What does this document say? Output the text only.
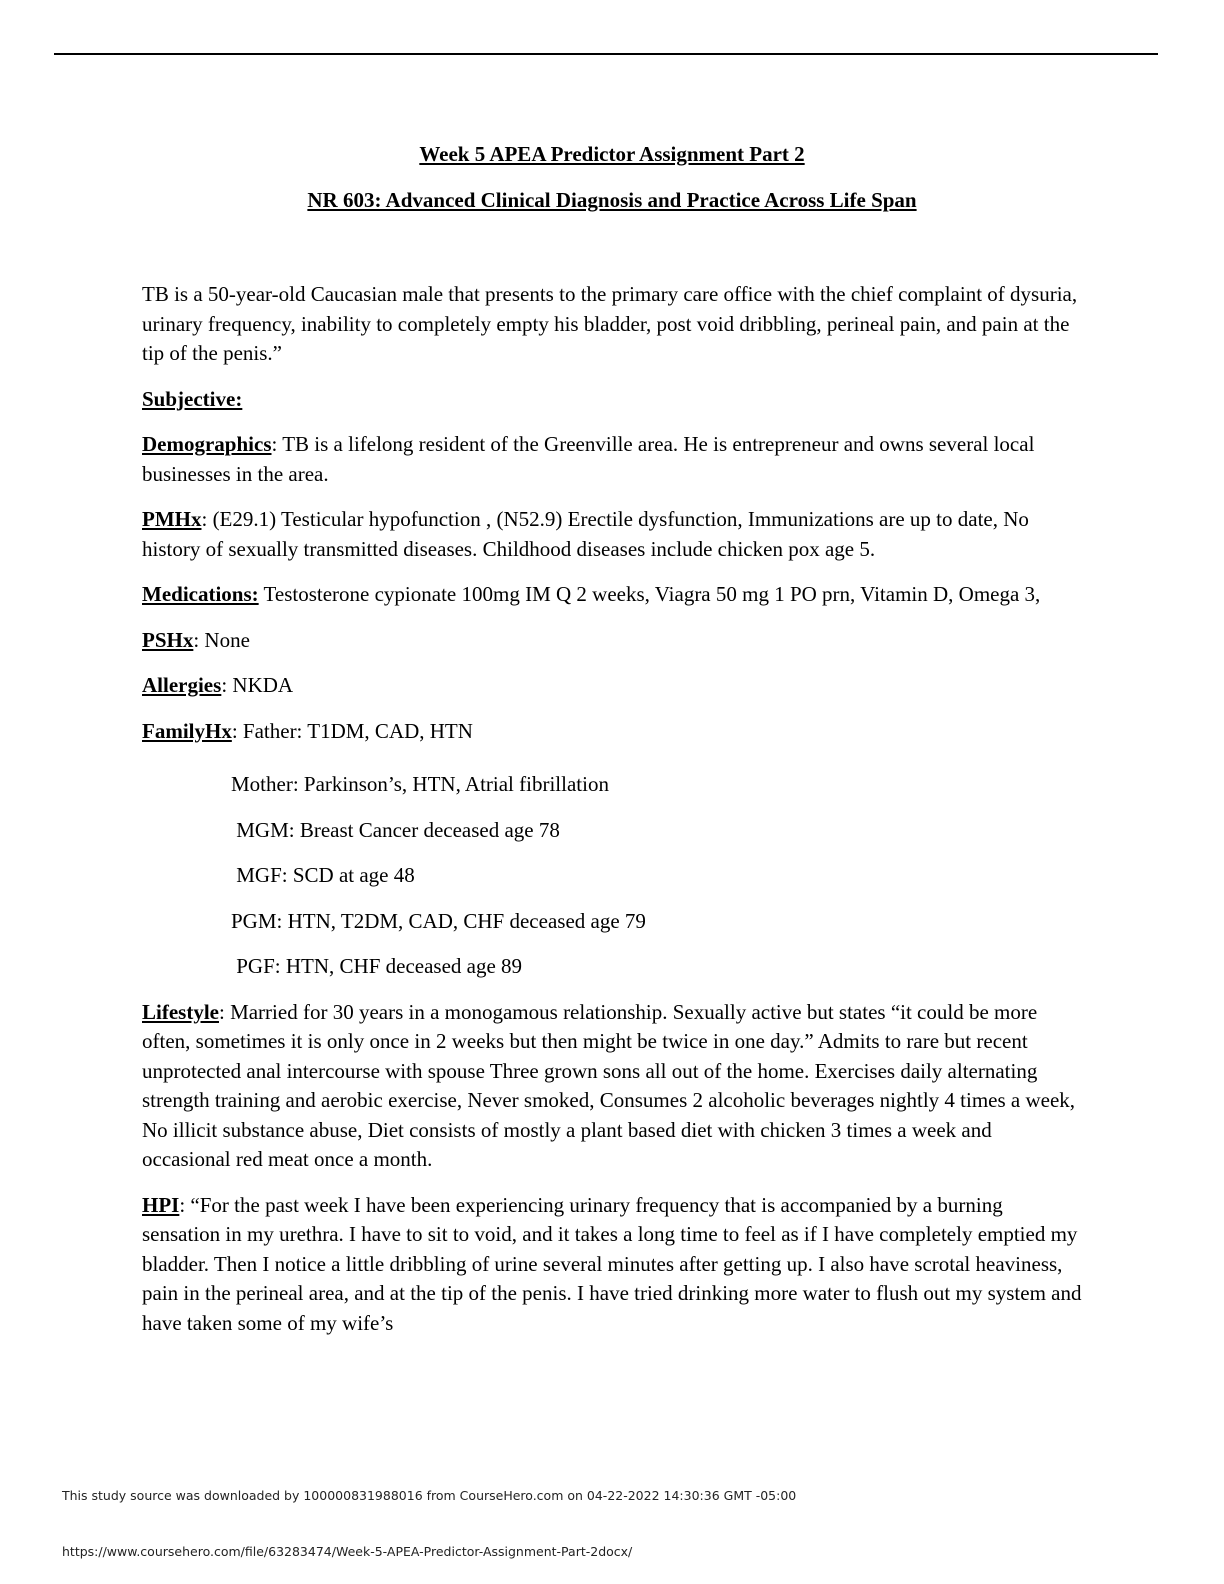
Week 5 APEA Predictor Assignment Part 2
NR 603: Advanced Clinical Diagnosis and Practice Across Life Span

TB is a 50-year-old Caucasian male that presents to the primary care office with the chief complaint of dysuria, urinary frequency, inability to completely empty his bladder, post void dribbling, perineal pain, and pain at the tip of the penis.”

Subjective:

Demographics: TB is a lifelong resident of the Greenville area. He is entrepreneur and owns several local businesses in the area.

PMHx: (E29.1) Testicular hypofunction , (N52.9) Erectile dysfunction, Immunizations are up to date, No history of sexually transmitted diseases. Childhood diseases include chicken pox age 5.

Medications: Testosterone cypionate 100mg IM Q 2 weeks, Viagra 50 mg 1 PO prn, Vitamin D, Omega 3,

PSHx: None

Allergies: NKDA

FamilyHx: Father: T1DM, CAD, HTN

Mother: Parkinson’s, HTN, Atrial fibrillation
MGM: Breast Cancer deceased age 78
MGF: SCD at age 48
PGM: HTN, T2DM, CAD, CHF deceased age 79
PGF: HTN, CHF deceased age 89

Lifestyle: Married for 30 years in a monogamous relationship. Sexually active but states “it could be more often, sometimes it is only once in 2 weeks but then might be twice in one day.” Admits to rare but recent unprotected anal intercourse with spouse Three grown sons all out of the home. Exercises daily alternating strength training and aerobic exercise, Never smoked, Consumes 2 alcoholic beverages nightly 4 times a week, No illicit substance abuse, Diet consists of mostly a plant based diet with chicken 3 times a week and occasional red meat once a month.

HPI: “For the past week I have been experiencing urinary frequency that is accompanied by a burning sensation in my urethra. I have to sit to void, and it takes a long time to feel as if I have completely emptied my bladder. Then I notice a little dribbling of urine several minutes after getting up. I also have scrotal heaviness, pain in the perineal area, and at the tip of the penis. I have tried drinking more water to flush out my system and have taken some of my wife’s

This study source was downloaded by 100000831988016 from CourseHero.com on 04-22-2022 14:30:36 GMT -05:00
https://www.coursehero.com/file/63283474/Week-5-APEA-Predictor-Assignment-Part-2docx/
